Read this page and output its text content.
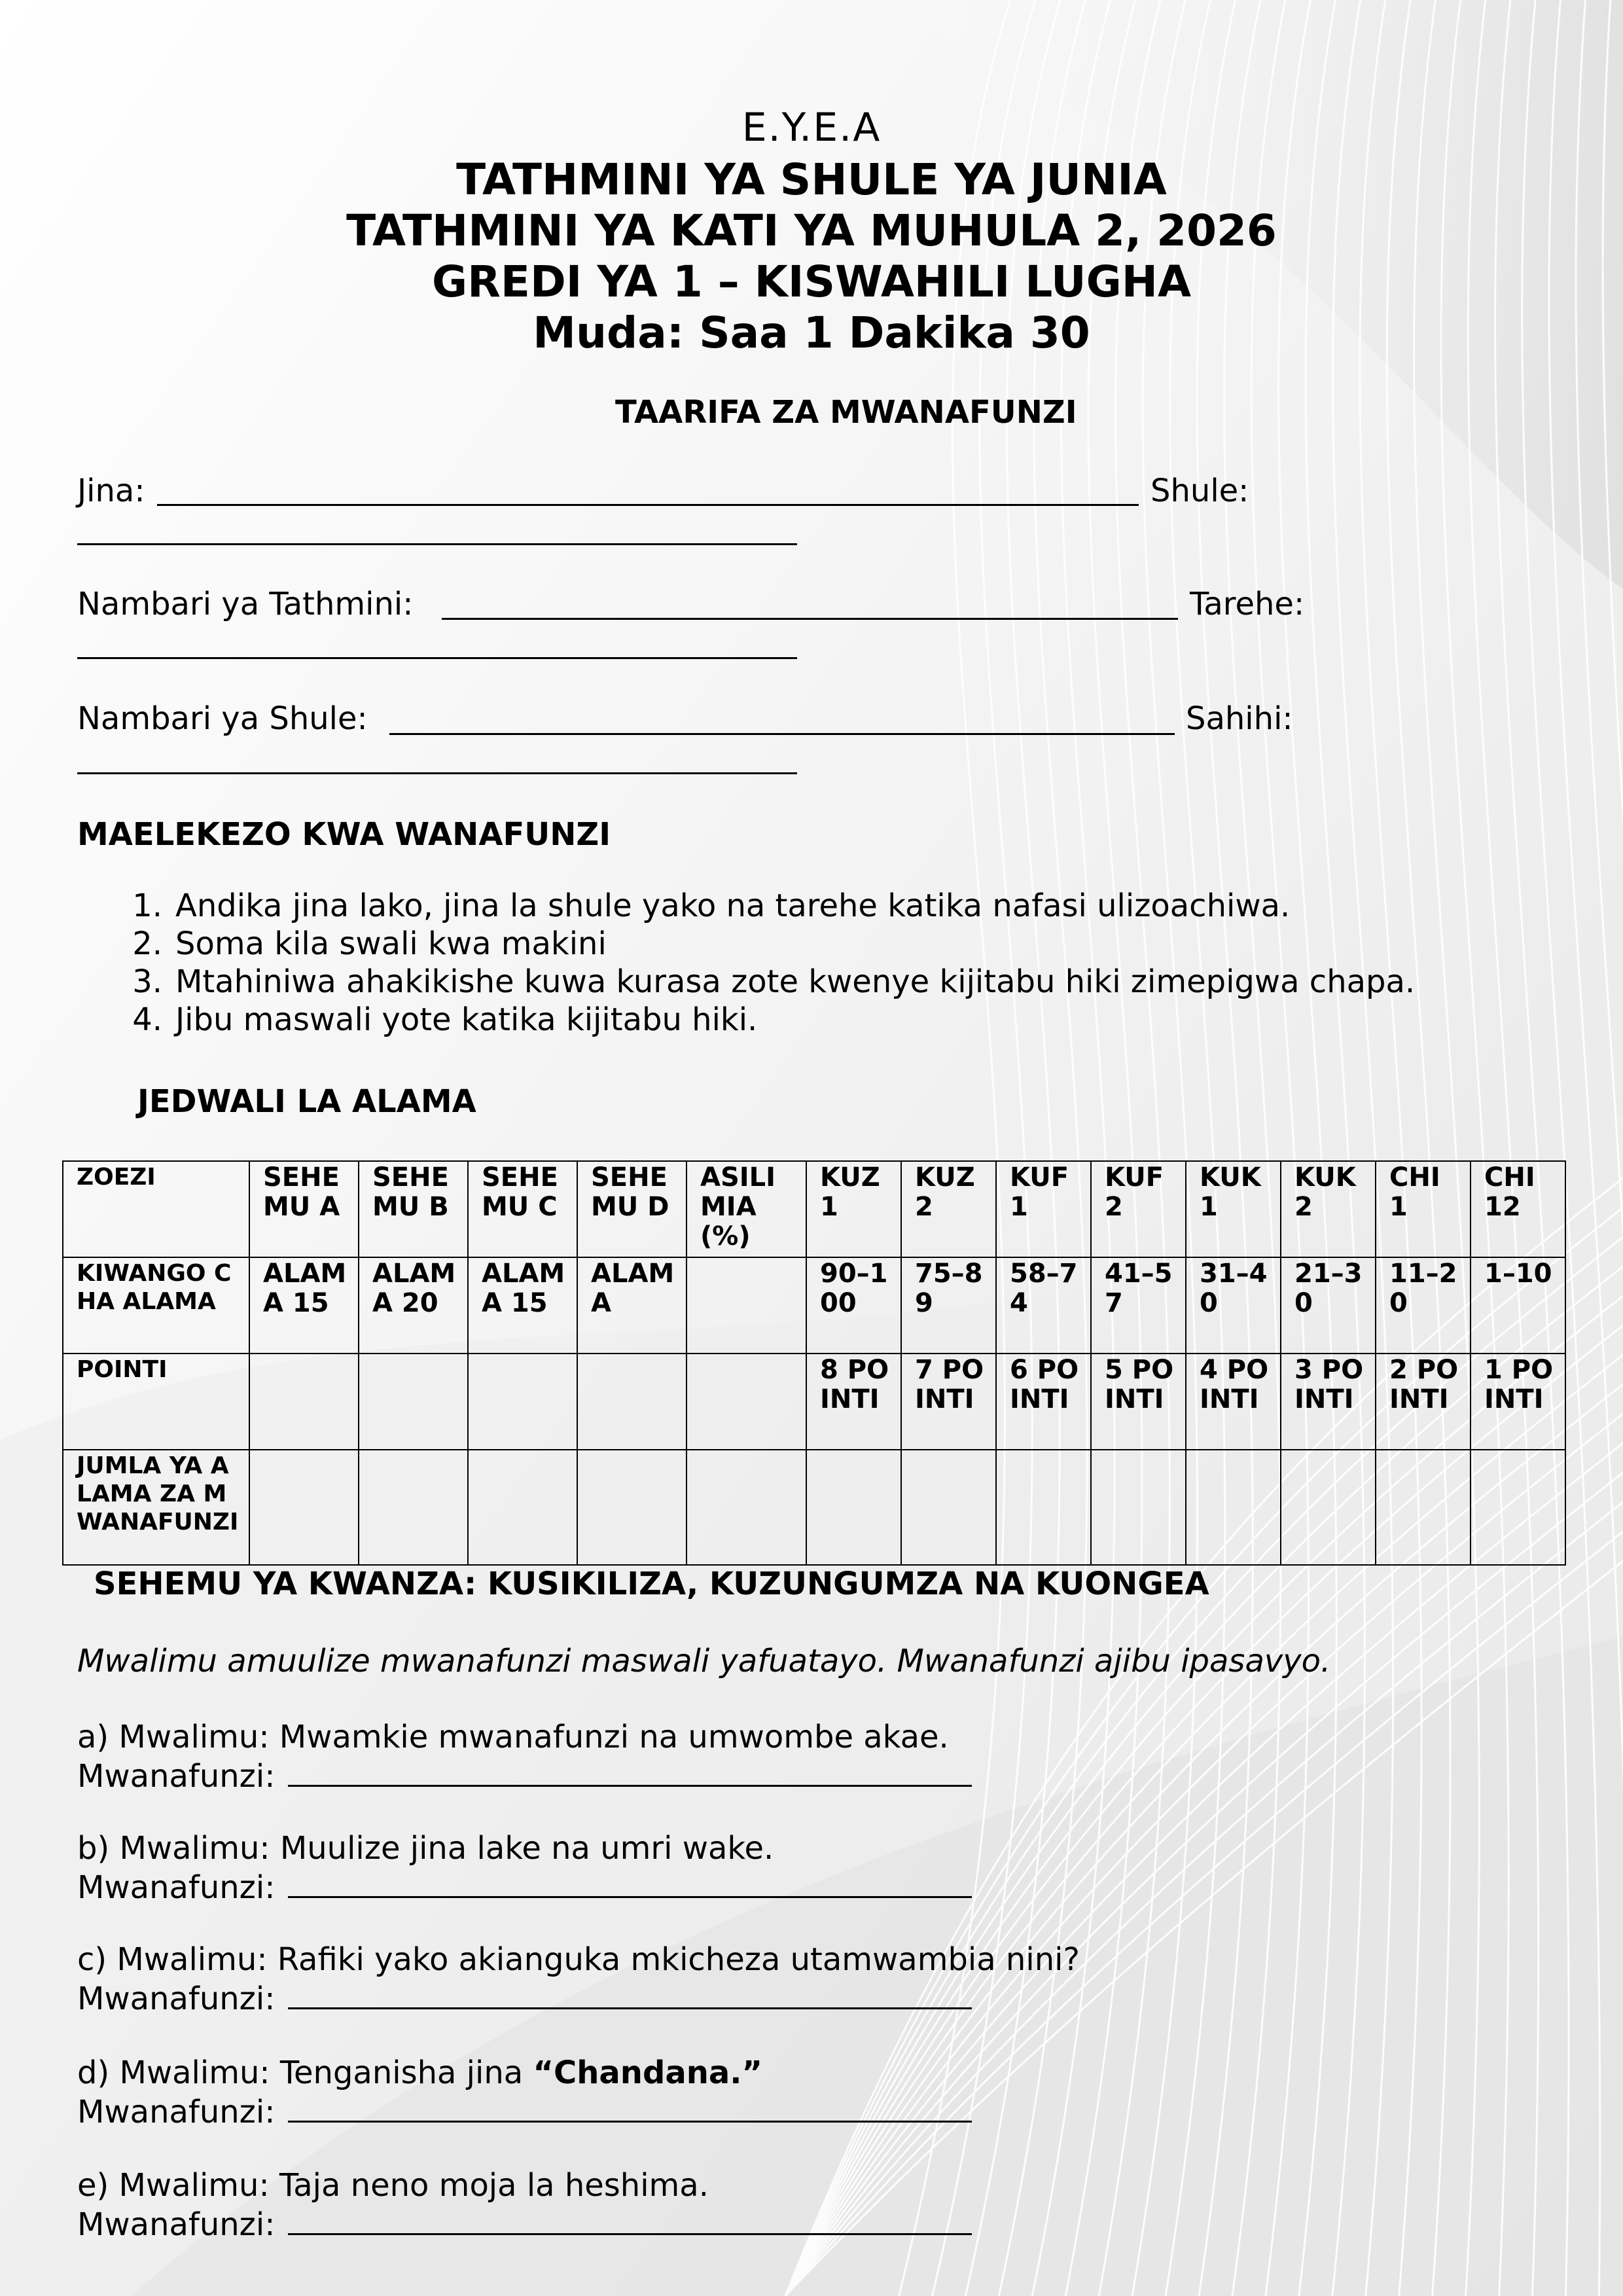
E.Y.E.A
TATHMINI YA SHULE YA JUNIA
TATHMINI YA KATI YA MUHULA 2, 2026
GREDI YA 1 – KISWAHILI LUGHA
Muda: Saa 1 Dakika 30
TAARIFA ZA MWANAFUNZI
Jina:	Shule:
Nambari ya Tathmini:	Tarehe:
Nambari ya Shule:	Sahihi:
MAELEKEZO KWA WANAFUNZI
1. Andika jina lako, jina la shule yako na tarehe katika nafasi ulizoachiwa.
2. Soma kila swali kwa makini
3. Mtahiniwa ahakikishe kuwa kurasa zote kwenye kijitabu hiki zimepigwa chapa.
4. Jibu maswali yote katika kijitabu hiki.
JEDWALI LA ALAMA
ZOEZI	SEHEMU A	SEHEMU B	SEHEMU C	SEHEMU D	ASILIMIA (%)	KUZ 1	KUZ 2	KUF 1	KUF 2	KUK 1	KUK 2	CHI 1	CHI 12
KIWANGO CHA ALAMA	ALAMA 15	ALAMA 20	ALAMA 15	ALAMA		90–100	75–89	58–74	41–57	31–40	21–30	11–20	1–10
POINTI						8 POINTI	7 POINTI	6 POINTI	5 POINTI	4 POINTI	3 POINTI	2 POINTI	1 POINTI
JUMLA YA ALAMA ZA MWANAFUNZI													
SEHEMU YA KWANZA: KUSIKILIZA, KUZUNGUMZA NA KUONGEA
Mwalimu amuulize mwanafunzi maswali yafuatayo. Mwanafunzi ajibu ipasavyo.
a) Mwalimu: Mwamkie mwanafunzi na umwombe akae.
Mwanafunzi:
b) Mwalimu: Muulize jina lake na umri wake.
Mwanafunzi:
c) Mwalimu: Rafiki yako akianguka mkicheza utamwambia nini?
Mwanafunzi:
d) Mwalimu: Tenganisha jina “Chandana.”
Mwanafunzi:
e) Mwalimu: Taja neno moja la heshima.
Mwanafunzi:
